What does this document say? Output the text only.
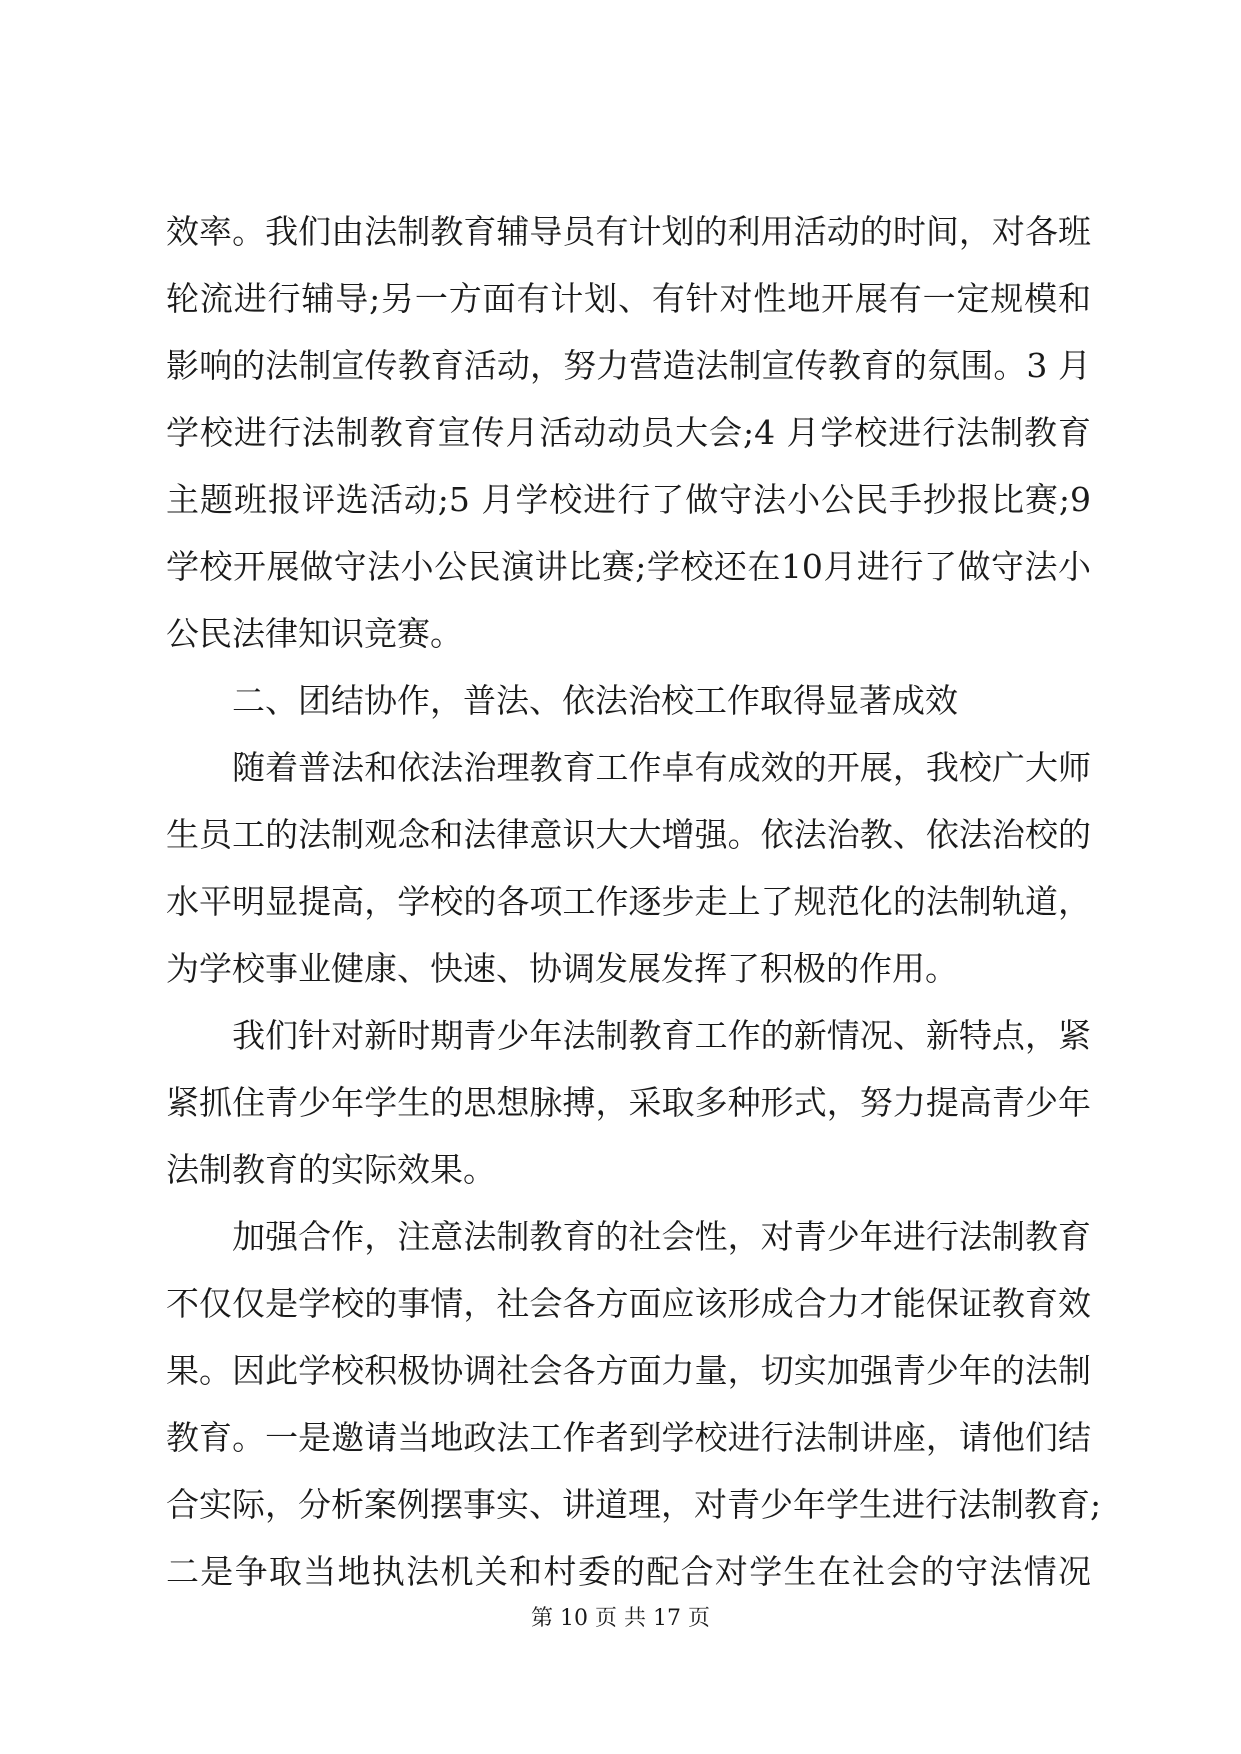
效率。我们由法制教育辅导员有计划的利用活动的时间，对各班
轮流进行辅导;另一方面有计划、有针对性地开展有一定规模和
影响的法制宣传教育活动，努力营造法制宣传教育的氛围。3 月
学校进行法制教育宣传月活动动员大会;4 月学校进行法制教育
主题班报评选活动;5 月学校进行了做守法小公民手抄报比赛;9
学校开展做守法小公民演讲比赛;学校还在10月进行了做守法小
公民法律知识竞赛。
　　二、团结协作，普法、依法治校工作取得显著成效
　　随着普法和依法治理教育工作卓有成效的开展，我校广大师
生员工的法制观念和法律意识大大增强。依法治教、依法治校的
水平明显提高，学校的各项工作逐步走上了规范化的法制轨道，
为学校事业健康、快速、协调发展发挥了积极的作用。
　　我们针对新时期青少年法制教育工作的新情况、新特点，紧
紧抓住青少年学生的思想脉搏，采取多种形式，努力提高青少年
法制教育的实际效果。
　　加强合作，注意法制教育的社会性，对青少年进行法制教育
不仅仅是学校的事情，社会各方面应该形成合力才能保证教育效
果。因此学校积极协调社会各方面力量，切实加强青少年的法制
教育。一是邀请当地政法工作者到学校进行法制讲座，请他们结
合实际，分析案例摆事实、讲道理，对青少年学生进行法制教育;
二是争取当地执法机关和村委的配合对学生在社会的守法情况
第 10 页 共 17 页
